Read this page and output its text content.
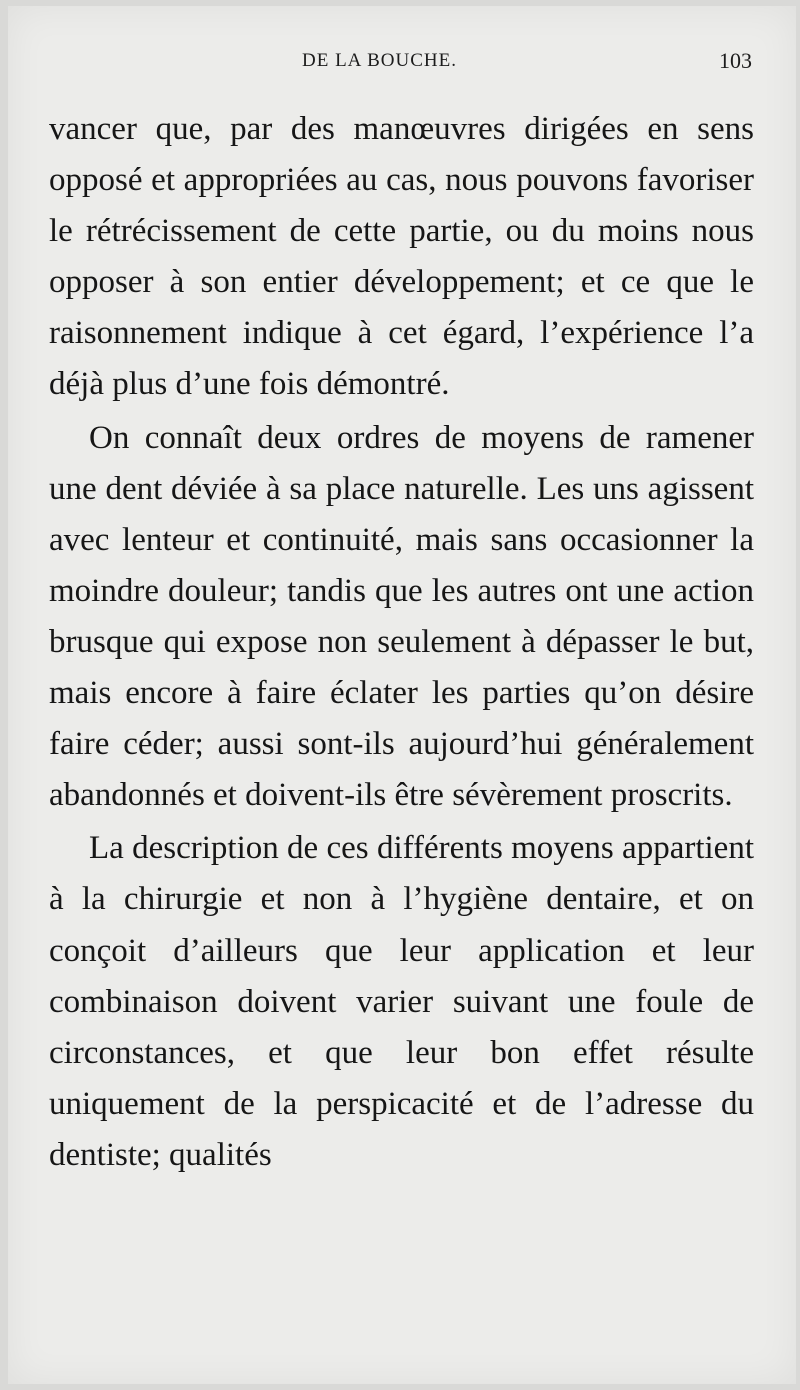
DE LA BOUCHE.	103

vancer que, par des manœuvres dirigées en sens opposé et appropriées au cas, nous pouvons favoriser le rétrécissement de cette partie, ou du moins nous opposer à son entier développement; et ce que le raisonnement indique à cet égard, l’expérience l’a déjà plus d’une fois démontré.

On connaît deux ordres de moyens de ramener une dent déviée à sa place naturelle. Les uns agissent avec lenteur et continuité, mais sans occasionner la moindre douleur; tandis que les autres ont une action brusque qui expose non seulement à dépasser le but, mais encore à faire éclater les parties qu’on désire faire céder; aussi sont-ils aujourd’hui généralement abandonnés et doivent-ils être sévèrement proscrits.

La description de ces différents moyens appartient à la chirurgie et non à l’hygiène dentaire, et on conçoit d’ailleurs que leur application et leur combinaison doivent varier suivant une foule de circonstances, et que leur bon effet résulte uniquement de la perspicacité et de l’adresse du dentiste; qualités
